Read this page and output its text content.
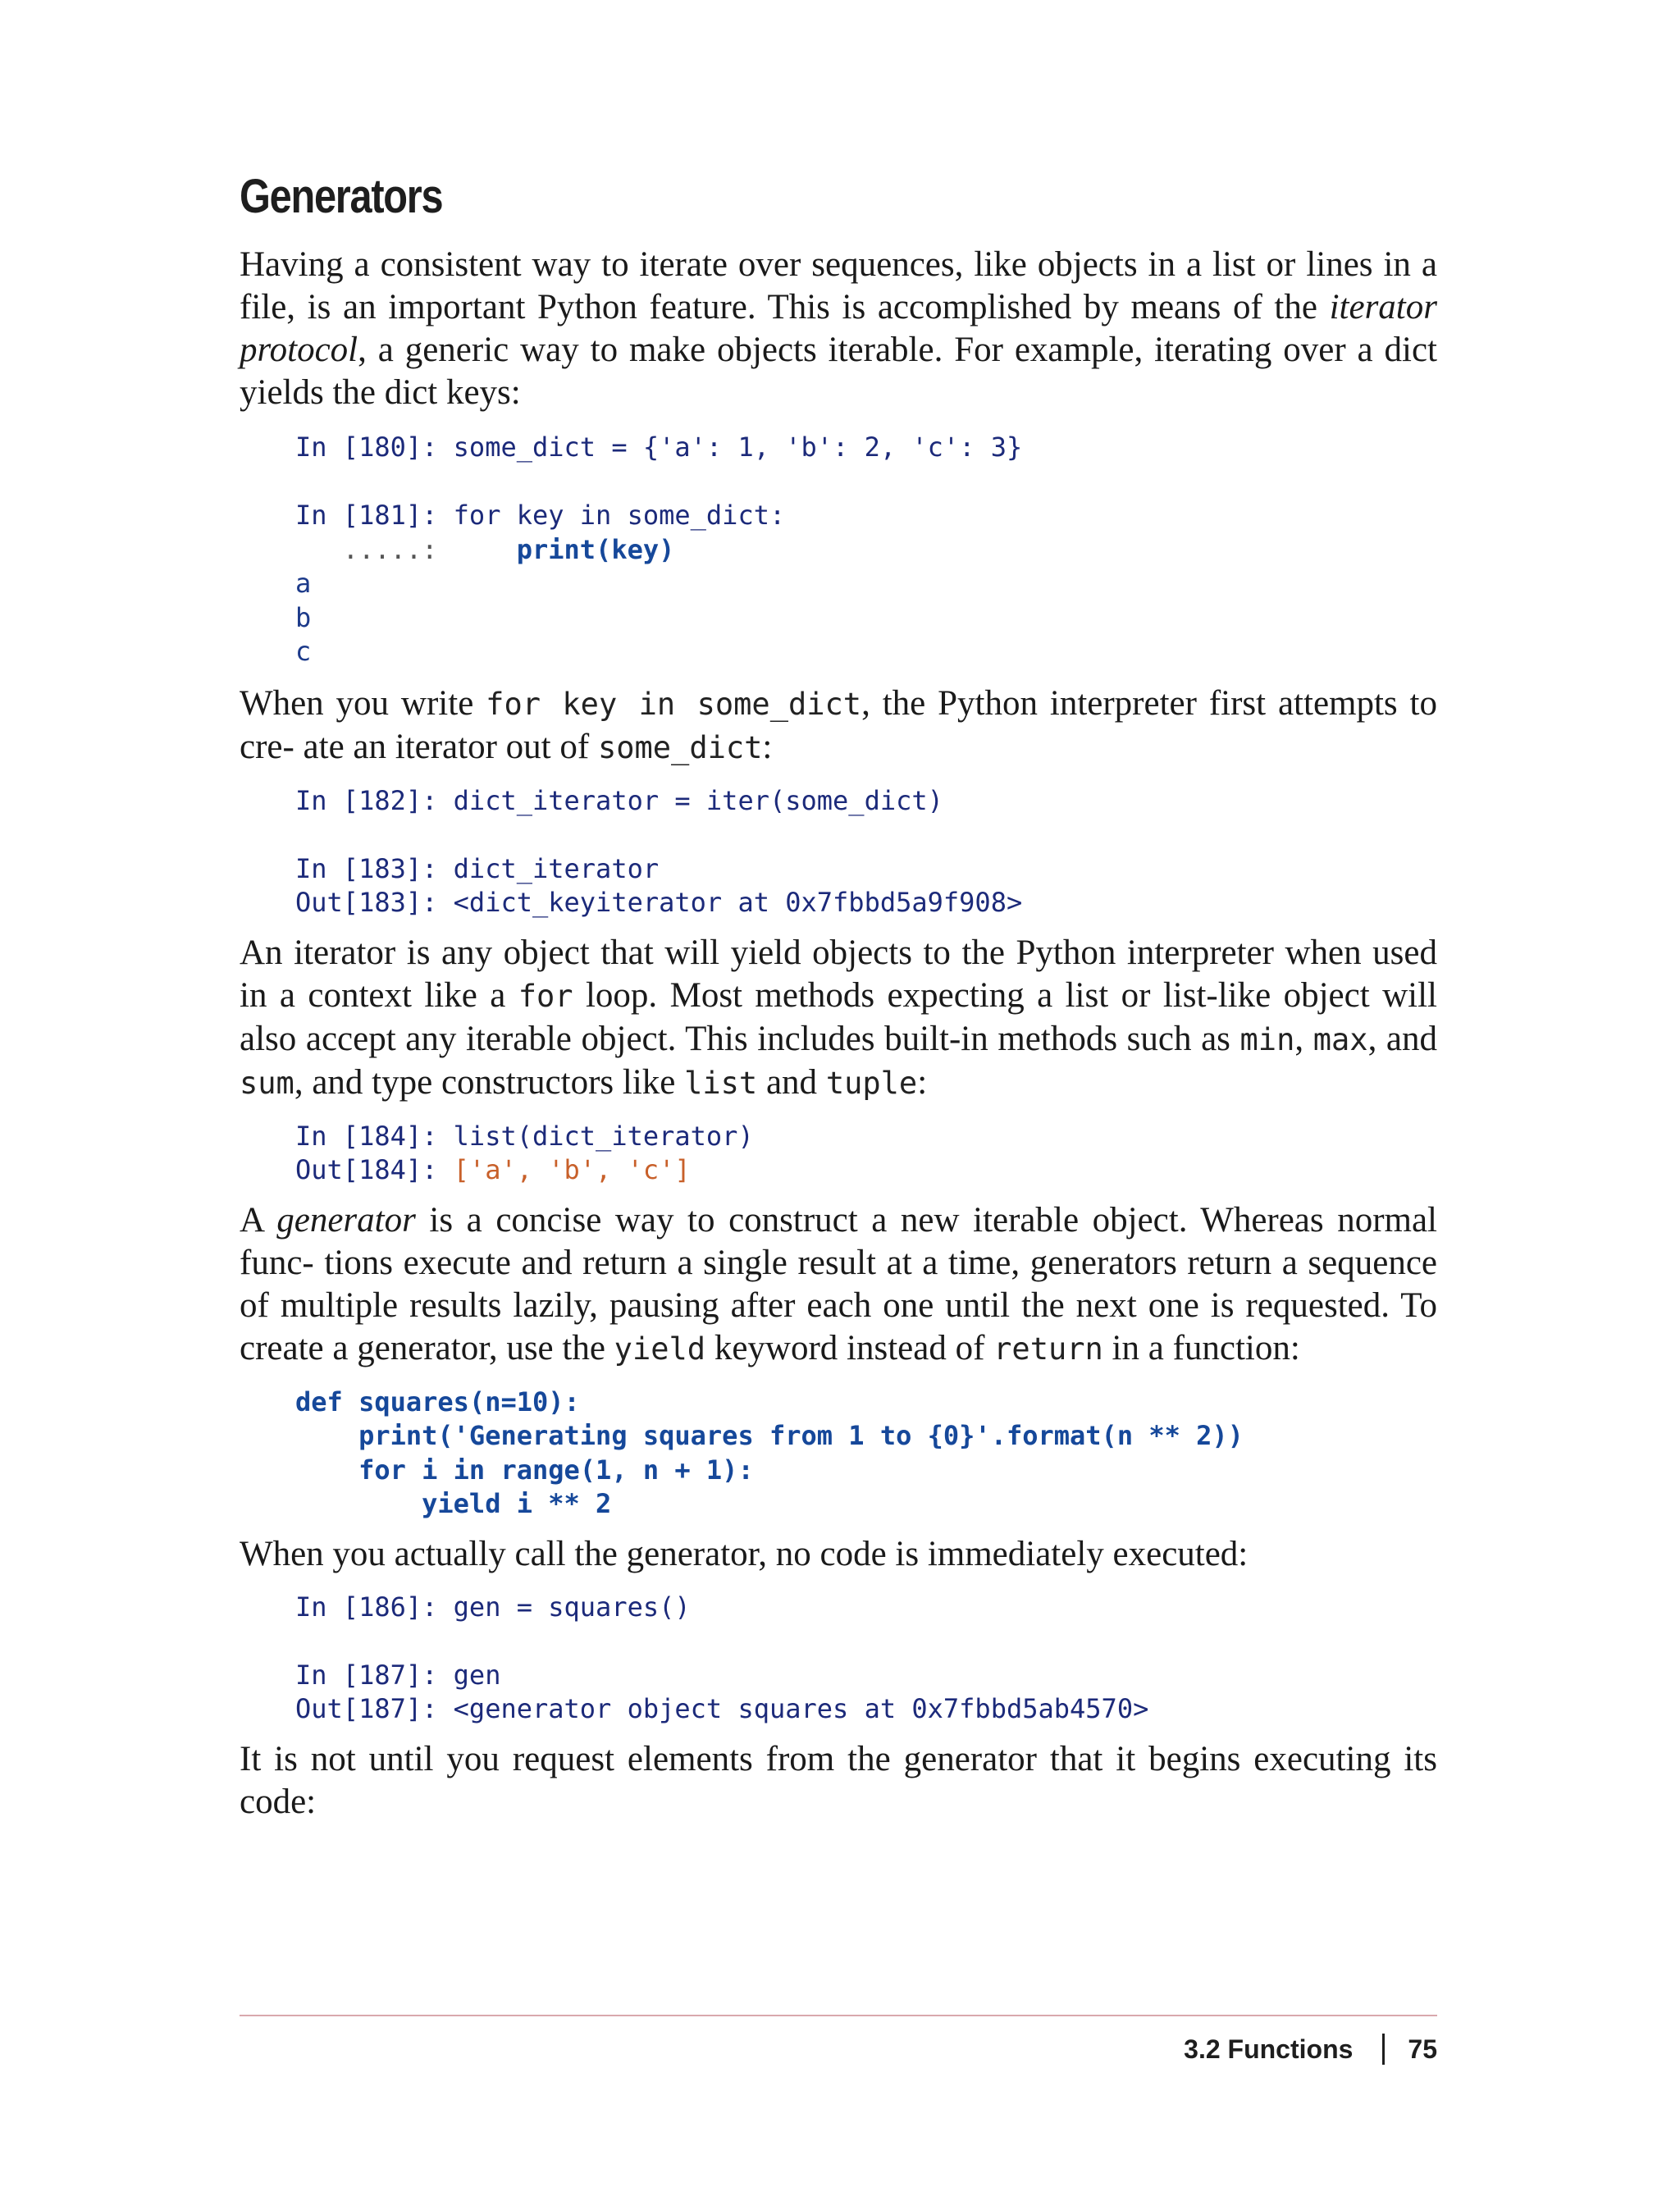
Generators

Having a consistent way to iterate over sequences, like objects in a list or lines in a file, is an important Python feature. This is accomplished by means of the iterator protocol, a generic way to make objects iterable. For example, iterating over a dict yields the dict keys:

In [180]: some_dict = {'a': 1, 'b': 2, 'c': 3}

In [181]: for key in some_dict:
.....:     print(key)
a
b
c

When you write for key in some_dict, the Python interpreter first attempts to cre‐ ate an iterator out of some_dict:

In [182]: dict_iterator = iter(some_dict)

In [183]: dict_iterator
Out[183]: <dict_keyiterator at 0x7fbbd5a9f908>

An iterator is any object that will yield objects to the Python interpreter when used in a context like a for loop. Most methods expecting a list or list-like object will also accept any iterable object. This includes built-in methods such as min, max, and sum, and type constructors like list and tuple:

In [184]: list(dict_iterator)
Out[184]: ['a', 'b', 'c']

A generator is a concise way to construct a new iterable object. Whereas normal func‐ tions execute and return a single result at a time, generators return a sequence of multiple results lazily, pausing after each one until the next one is requested. To create a generator, use the yield keyword instead of return in a function:

def squares(n=10):
print('Generating squares from 1 to {0}'.format(n ** 2))
for i in range(1, n + 1):
yield i ** 2

When you actually call the generator, no code is immediately executed:

In [186]: gen = squares()

In [187]: gen
Out[187]: <generator object squares at 0x7fbbd5ab4570>

It is not until you request elements from the generator that it begins executing its code:

3.2 Functions 75
